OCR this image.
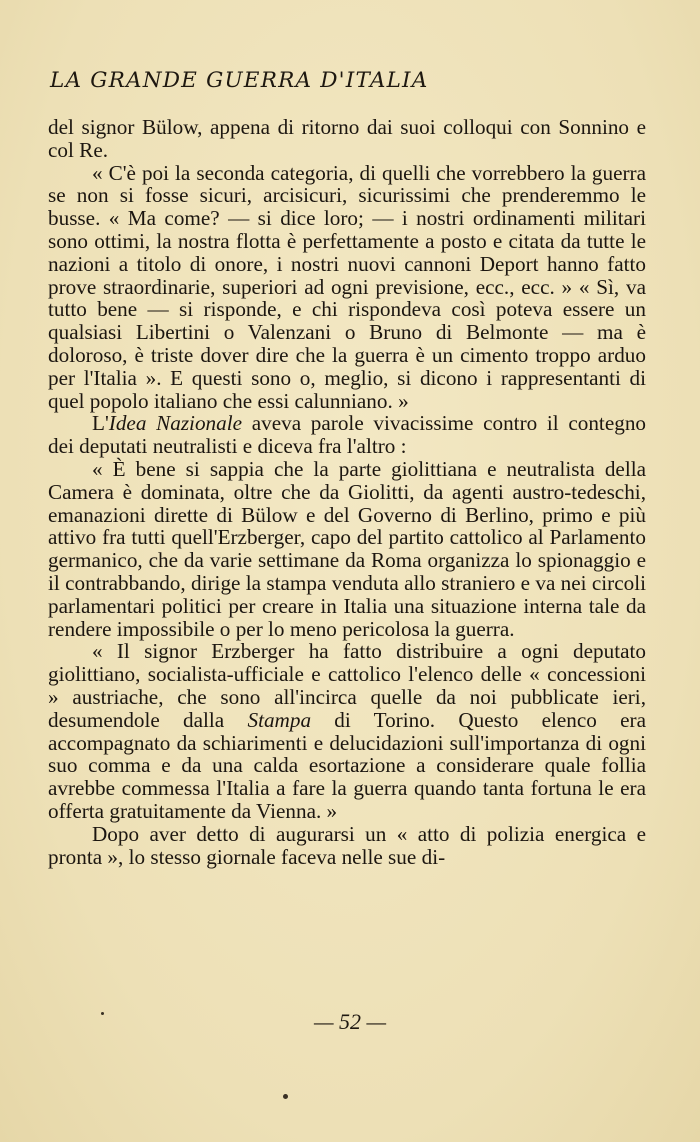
LA GRANDE GUERRA D'ITALIA

del signor Bülow, appena di ritorno dai suoi colloqui con Sonnino e col Re.

« C'è poi la seconda categoria, di quelli che vorrebbero la guerra se non si fosse sicuri, arcisicuri, sicurissimi che prenderemmo le busse. « Ma come? — si dice loro; — i nostri ordinamenti militari sono ottimi, la nostra flotta è perfettamente a posto e citata da tutte le nazioni a titolo di onore, i nostri nuovi cannoni Deport hanno fatto prove straordinarie, superiori ad ogni previsione, ecc., ecc. » « Sì, va tutto bene — si risponde, e chi rispondeva così poteva essere un qualsiasi Libertini o Valenzani o Bruno di Belmonte — ma è doloroso, è triste dover dire che la guerra è un cimento troppo arduo per l'Italia ». E questi sono o, meglio, si dicono i rappresentanti di quel popolo italiano che essi calunniano. »

L'Idea Nazionale aveva parole vivacissime contro il contegno dei deputati neutralisti e diceva fra l'altro :

« È bene si sappia che la parte giolittiana e neutralista della Camera è dominata, oltre che da Giolitti, da agenti austro-tedeschi, emanazioni dirette di Bülow e del Governo di Berlino, primo e più attivo fra tutti quell'Erzberger, capo del partito cattolico al Parlamento germanico, che da varie settimane da Roma organizza lo spionaggio e il contrabbando, dirige la stampa venduta allo straniero e va nei circoli parlamentari politici per creare in Italia una situazione interna tale da rendere impossibile o per lo meno pericolosa la guerra.

« Il signor Erzberger ha fatto distribuire a ogni deputato giolittiano, socialista-ufficiale e cattolico l'elenco delle « concessioni » austriache, che sono all'incirca quelle da noi pubblicate ieri, desumendole dalla Stampa di Torino. Questo elenco era accompagnato da schiarimenti e delucidazioni sull'importanza di ogni suo comma e da una calda esortazione a considerare quale follia avrebbe commessa l'Italia a fare la guerra quando tanta fortuna le era offerta gratuitamente da Vienna. »

Dopo aver detto di augurarsi un « atto di polizia energica e pronta », lo stesso giornale faceva nelle sue di-

— 52 —
